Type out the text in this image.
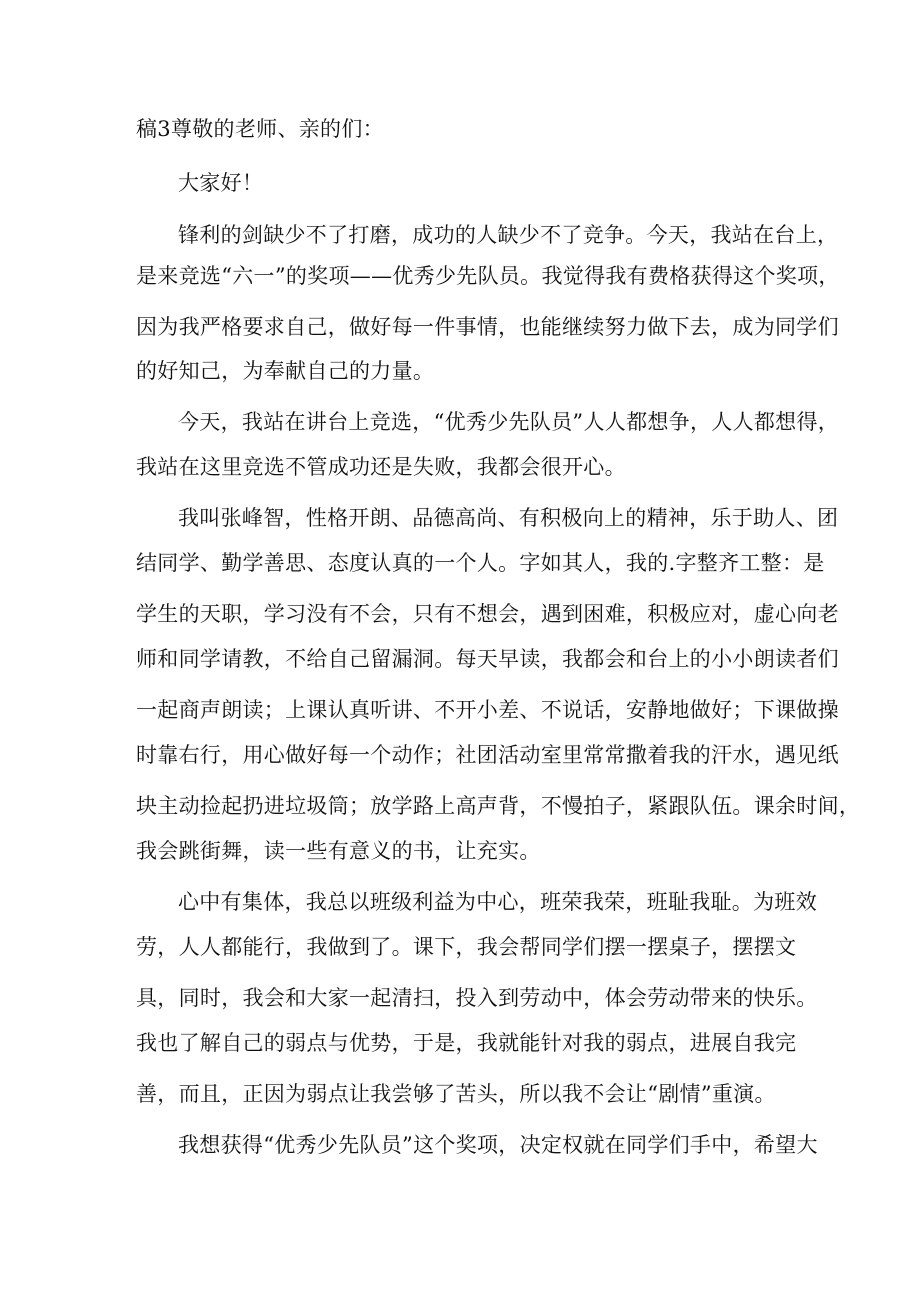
稿3尊敬的老师、亲的们：
大家好！
锋利的剑缺少不了打磨，成功的人缺少不了竞争。今天，我站在台上，
是来竞选“六一”的奖项——优秀少先队员。我觉得我有费格获得这个奖项，
因为我严格要求自己，做好每一件事情，也能继续努力做下去，成为同学们
的好知己，为奉献自己的力量。
今天，我站在讲台上竞选，“优秀少先队员”人人都想争，人人都想得，
我站在这里竞选不管成功还是失败，我都会很开心。
我叫张峰智，性格开朗、品德高尚、有积极向上的精神，乐于助人、团
结同学、勤学善思、态度认真的一个人。字如其人，我的.字整齐工整：是
学生的天职，学习没有不会，只有不想会，遇到困难，积极应对，虚心向老
师和同学请教，不给自己留漏洞。每天早读，我都会和台上的小小朗读者们
一起商声朗读；上课认真听讲、不开小差、不说话，安静地做好；下课做操
时靠右行，用心做好每一个动作；社团活动室里常常撒着我的汗水，遇见纸
块主动捡起扔进垃圾筒；放学路上高声背，不慢拍子，紧跟队伍。课余时间，
我会跳街舞，读一些有意义的书，让充实。
心中有集体，我总以班级利益为中心，班荣我荣，班耻我耻。为班效
劳，人人都能行，我做到了。课下，我会帮同学们摆一摆桌子，摆摆文
具，同时，我会和大家一起清扫，投入到劳动中，体会劳动带来的快乐。
我也了解自己的弱点与优势，于是，我就能针对我的弱点，进展自我完
善，而且，正因为弱点让我尝够了苦头，所以我不会让“剧情”重演。
我想获得“优秀少先队员”这个奖项，决定权就在同学们手中，希望大
